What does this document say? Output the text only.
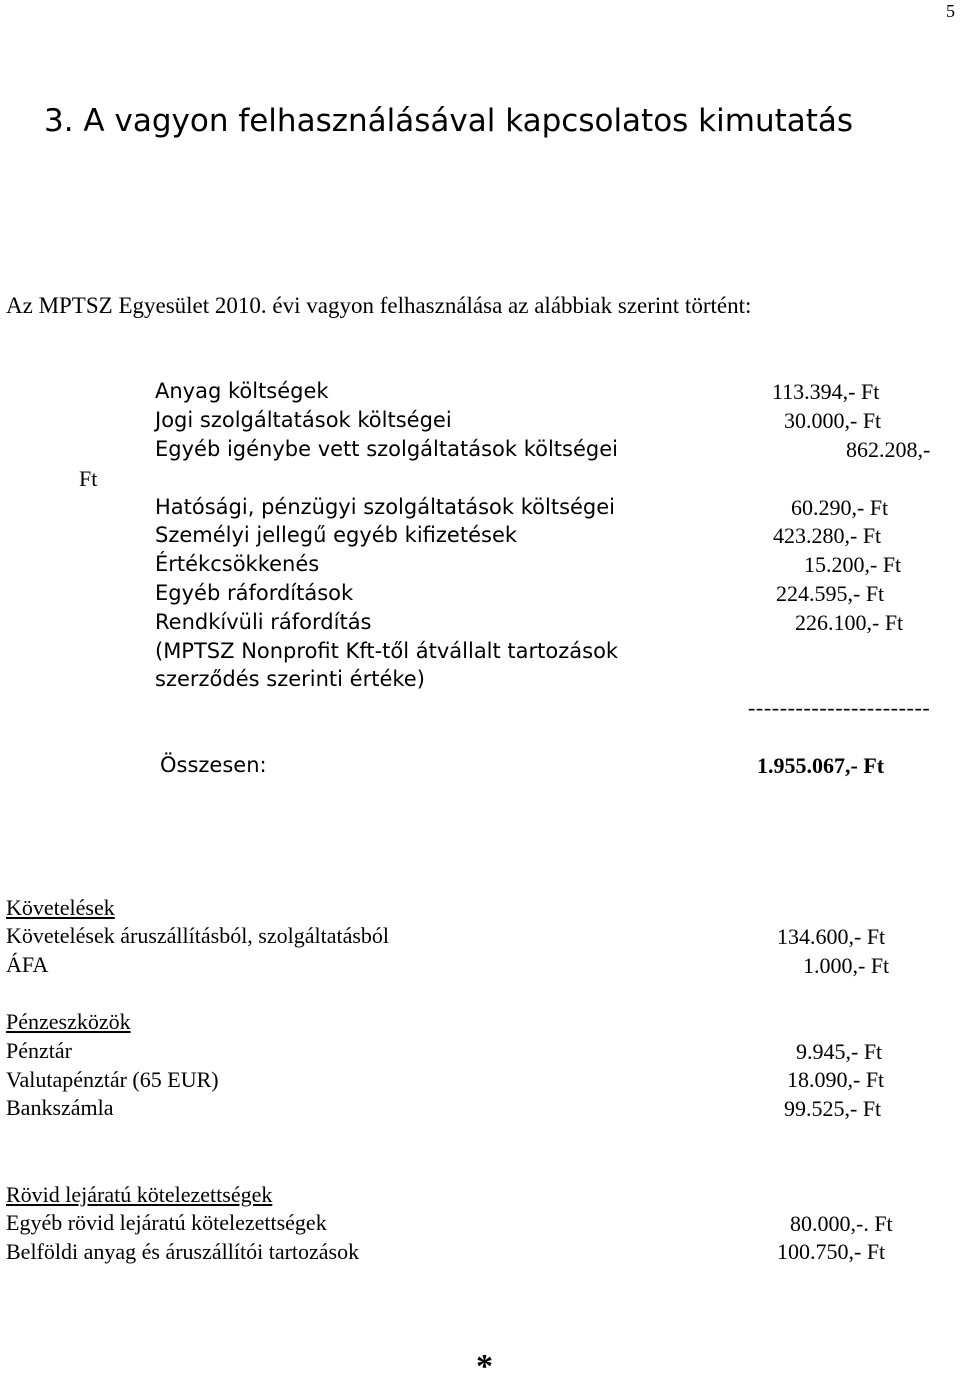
5
3. A vagyon felhasználásával kapcsolatos kimutatás
Az MPTSZ Egyesület 2010. évi vagyon felhasználása az alábbiak szerint történt:
Ft
Anyag költségek	113.394,- Ft
Jogi szolgáltatások költségei	30.000,- Ft
Egyéb igénybe vett szolgáltatások költségei	862.208,-
Hatósági, pénzügyi szolgáltatások költségei	60.290,- Ft
Személyi jellegű egyéb kifizetések	423.280,- Ft
Értékcsökkenés	15.200,- Ft
Egyéb ráfordítások	224.595,- Ft
Rendkívüli ráfordítás	226.100,- Ft
(MPTSZ Nonprofit Kft-től átvállalt tartozások
szerződés szerinti értéke)
-----------------------
Összesen:	1.955.067,- Ft
Követelések
Követelések áruszállításból, szolgáltatásból	134.600,- Ft
ÁFA	1.000,- Ft
Pénzeszközök
Pénztár	9.945,- Ft
Valutapénztár (65 EUR)	18.090,- Ft
Bankszámla	99.525,- Ft
Rövid lejáratú kötelezettségek
Egyéb rövid lejáratú kötelezettségek	80.000,-. Ft
Belföldi anyag és áruszállítói tartozások	100.750,- Ft
*
